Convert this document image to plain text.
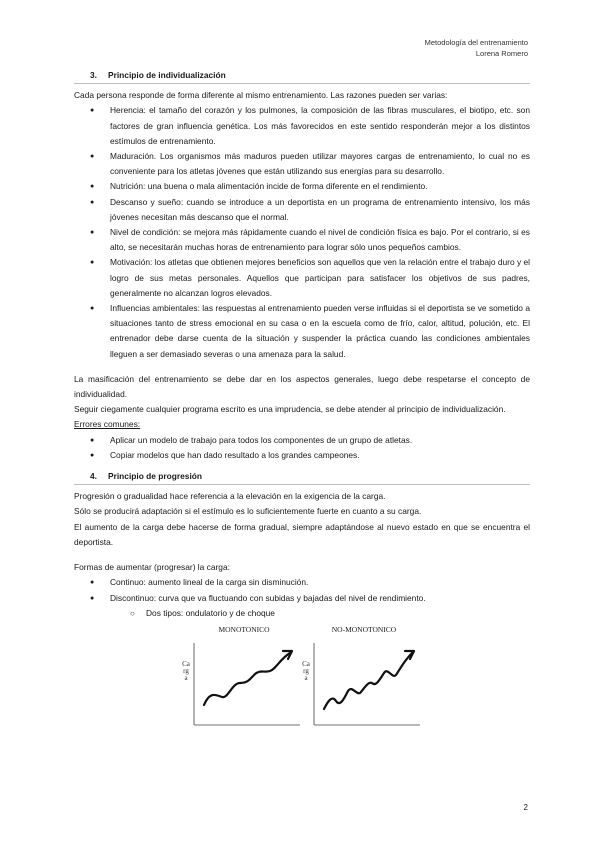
Metodología del entrenamiento
Lorena Romero
3. Principio de individualización

Cada persona responde de forma diferente al mismo entrenamiento. Las razones pueden ser varias:

● Herencia: el tamaño del corazón y los pulmones, la composición de las fibras musculares, el biotipo, etc. son factores de gran influencia genética. Los más favorecidos en este sentido responderán mejor a los distintos estímulos de entrenamiento.
● Maduración. Los organismos más maduros pueden utilizar mayores cargas de entrenamiento, lo cual no es conveniente para los atletas jóvenes que están utilizando sus energías para su desarrollo.
● Nutrición: una buena o mala alimentación incide de forma diferente en el rendimiento.
● Descanso y sueño: cuando se introduce a un deportista en un programa de entrenamiento intensivo, los más jóvenes necesitan más descanso que el normal.
● Nivel de condición: se mejora más rápidamente cuando el nivel de condición física es bajo. Por el contrario, si es alto, se necesitarán muchas horas de entrenamiento para lograr sólo unos pequeños cambios.
● Motivación: los atletas que obtienen mejores beneficios son aquellos que ven la relación entre el trabajo duro y el logro de sus metas personales. Aquellos que participan para satisfacer los objetivos de sus padres, generalmente no alcanzan logros elevados.
● Influencias ambientales: las respuestas al entrenamiento pueden verse influidas si el deportista se ve sometido a situaciones tanto de stress emocional en su casa o en la escuela como de frío, calor, altitud, polución, etc. El entrenador debe darse cuenta de la situación y suspender la práctica cuando las condiciones ambientales lleguen a ser demasiado severas o una amenaza para la salud.

La masificación del entrenamiento se debe dar en los aspectos generales, luego debe respetarse el concepto de individualidad.

Seguir ciegamente cualquier programa escrito es una imprudencia, se debe atender al principio de individualización.

Errores comunes:

● Aplicar un modelo de trabajo para todos los componentes de un grupo de atletas.
● Copiar modelos que han dado resultado a los grandes campeones.
4. Principio de progresión

Progresión o gradualidad hace referencia a la elevación en la exigencia de la carga.

Sólo se producirá adaptación si el estímulo es lo suficientemente fuerte en cuanto a su carga.

El aumento de la carga debe hacerse de forma gradual, siempre adaptándose al nuevo estado en que se encuentra el deportista.

Formas de aumentar (progresar) la carga:

● Continuo: aumento lineal de la carga sin disminución.
● Discontinuo: curva que va fluctuando con subidas y bajadas del nivel de rendimiento.
○ Dos tipos: ondulatorio y de choque
MONOTONICO
Carga
NO-MONOTONICO
Carga
2
